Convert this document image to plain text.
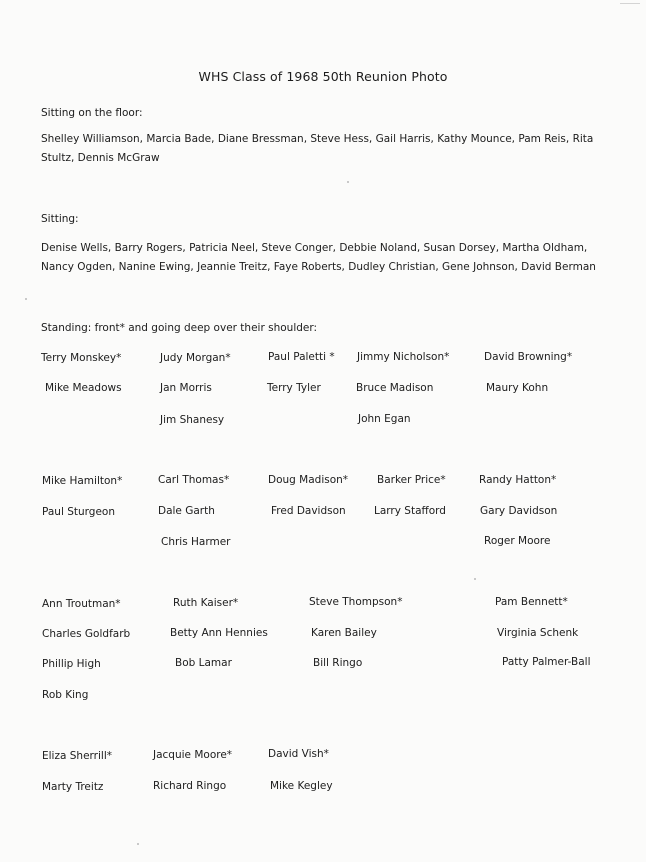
WHS Class of 1968 50th Reunion Photo
Sitting on the floor:
Shelley Williamson, Marcia Bade, Diane Bressman, Steve Hess, Gail Harris, Kathy Mounce, Pam Reis, Rita Stultz, Dennis McGraw
Sitting:
Denise Wells, Barry Rogers, Patricia Neel, Steve Conger, Debbie Noland, Susan Dorsey, Martha Oldham, Nancy Ogden, Nanine Ewing, Jeannie Treitz, Faye Roberts, Dudley Christian, Gene Johnson, David Berman
Standing: front* and going deep over their shoulder:
Terry Monskey*
Mike Meadows
Judy Morgan*
Jan Morris
Jim Shanesy
Paul Paletti *
Terry Tyler
Jimmy Nicholson*
Bruce Madison
John Egan
David Browning*
Maury Kohn
Mike Hamilton*
Paul Sturgeon
Carl Thomas*
Dale Garth
Chris Harmer
Doug Madison*
Fred Davidson
Barker Price*
Larry Stafford
Randy Hatton*
Gary Davidson
Roger Moore
Ann Troutman*
Charles Goldfarb
Phillip High
Rob King
Ruth Kaiser*
Betty Ann Hennies
Bob Lamar
Steve Thompson*
Karen Bailey
Bill Ringo
Pam Bennett*
Virginia Schenk
Patty Palmer-Ball
Eliza Sherrill*
Marty Treitz
Jacquie Moore*
Richard Ringo
David Vish*
Mike Kegley
